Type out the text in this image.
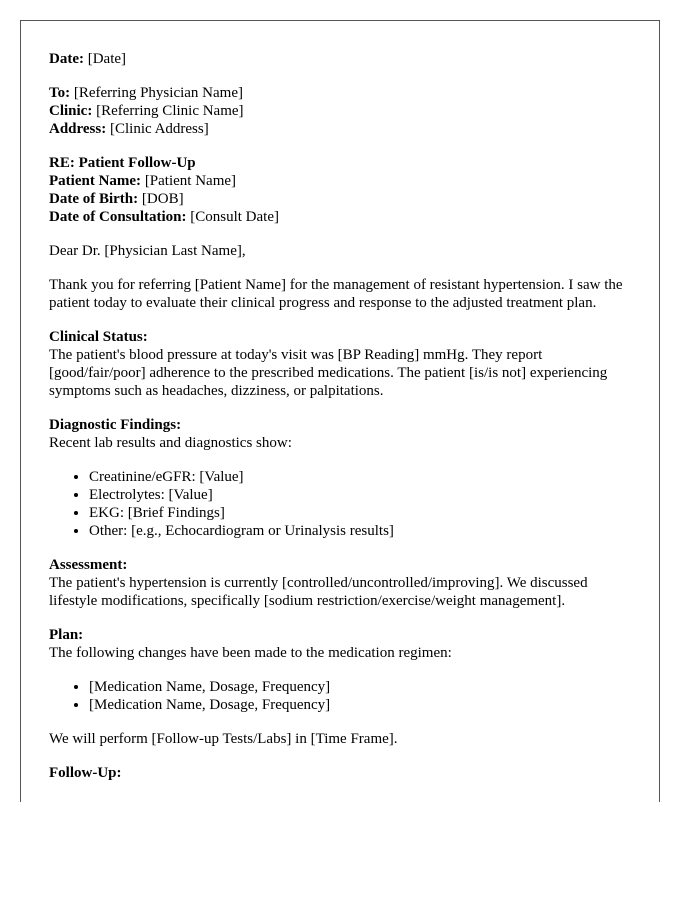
Date: [Date]

To: [Referring Physician Name]
Clinic: [Referring Clinic Name]
Address: [Clinic Address]
RE: Patient Follow-Up
Patient Name: [Patient Name]
Date of Birth: [DOB]
Date of Consultation: [Consult Date]

Dear Dr. [Physician Last Name],

Thank you for referring [Patient Name] for the management of resistant hypertension. I saw the patient today to evaluate their clinical progress and response to the adjusted treatment plan.

Clinical Status:
The patient's blood pressure at today's visit was [BP Reading] mmHg. They report [good/fair/poor] adherence to the prescribed medications. The patient [is/is not] experiencing symptoms such as headaches, dizziness, or palpitations.
Diagnostic Findings:
Recent lab results and diagnostics show:
• Creatinine/eGFR: [Value]
• Electrolytes: [Value]
• EKG: [Brief Findings]
• Other: [e.g., Echocardiogram or Urinalysis results]
Assessment:
The patient's hypertension is currently [controlled/uncontrolled/improving]. We discussed lifestyle modifications, specifically [sodium restriction/exercise/weight management].
Plan:
The following changes have been made to the medication regimen:
• [Medication Name, Dosage, Frequency]
• [Medication Name, Dosage, Frequency]

We will perform [Follow-up Tests/Labs] in [Time Frame].

Follow-Up:
